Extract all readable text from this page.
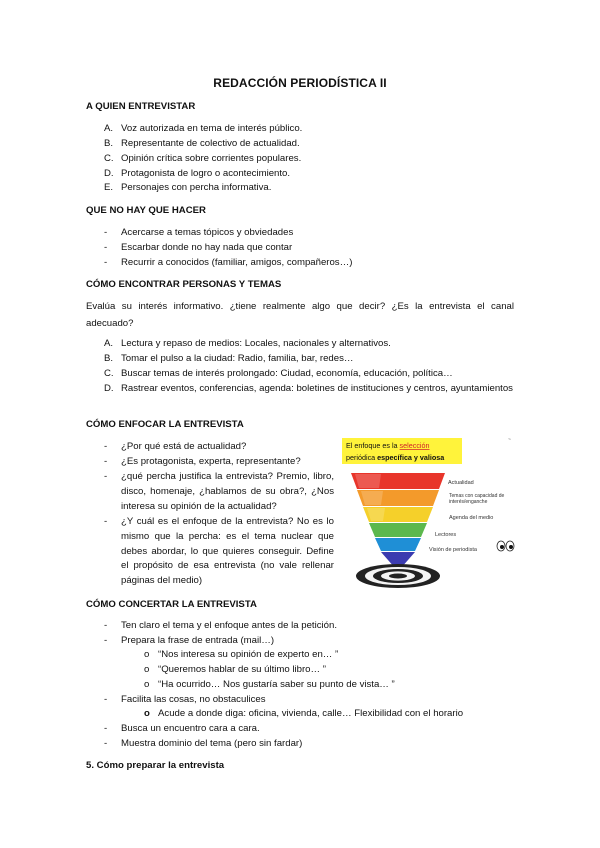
REDACCIÓN PERIODÍSTICA II
A QUIEN ENTREVISTAR
A. Voz autorizada en tema de interés público.
B. Representante de colectivo de actualidad.
C. Opinión crítica sobre corrientes populares.
D. Protagonista de logro o acontecimiento.
E. Personajes con percha informativa.
QUE NO HAY QUE HACER
- Acercarse a temas tópicos y obviedades
- Escarbar donde no hay nada que contar
- Recurrir a conocidos (familiar, amigos, compañeros…)
CÓMO ENCONTRAR PERSONAS Y TEMAS
Evalúa su interés informativo. ¿tiene realmente algo que decir? ¿Es la entrevista el canal adecuado?
A. Lectura y repaso de medios: Locales, nacionales y alternativos.
B. Tomar el pulso a la ciudad: Radio, familia, bar, redes…
C. Buscar temas de interés prolongado: Ciudad, economía, educación, política…
D. Rastrear eventos, conferencias, agenda: boletines de instituciones y centros, ayuntamientos
CÓMO ENFOCAR LA ENTREVISTA
- ¿Por qué está de actualidad?
- ¿Es protagonista, experta, representante?
- ¿qué percha justifica la entrevista? Premio, libro, disco, homenaje, ¿hablamos de su obra?, ¿Nos interesa su opinión de la actualidad?
- ¿Y cuál es el enfoque de la entrevista? No es lo mismo que la percha: es el tema nuclear que debes abordar, lo que quieres conseguir. Define el propósito de esa entrevista (no vale rellenar páginas del medio)
El enfoque es la selección
periódica específica y valiosa
~
Actualidad
Temas con capacidad de interés/enganche
Agenda del medio
Lectores
Visión de periodista
CÓMO CONCERTAR LA ENTREVISTA
- Ten claro el tema y el enfoque antes de la petición.
- Prepara la frase de entrada (mail…)
o “Nos interesa su opinión de experto en… ”
o “Queremos hablar de su último libro… ”
o “Ha ocurrido… Nos gustaría saber su punto de vista… ”
- Facilita las cosas, no obstaculices
o Acude a donde diga: oficina, vivienda, calle… Flexibilidad con el horario
- Busca un encuentro cara a cara.
- Muestra dominio del tema (pero sin fardar)
5. Cómo preparar la entrevista
